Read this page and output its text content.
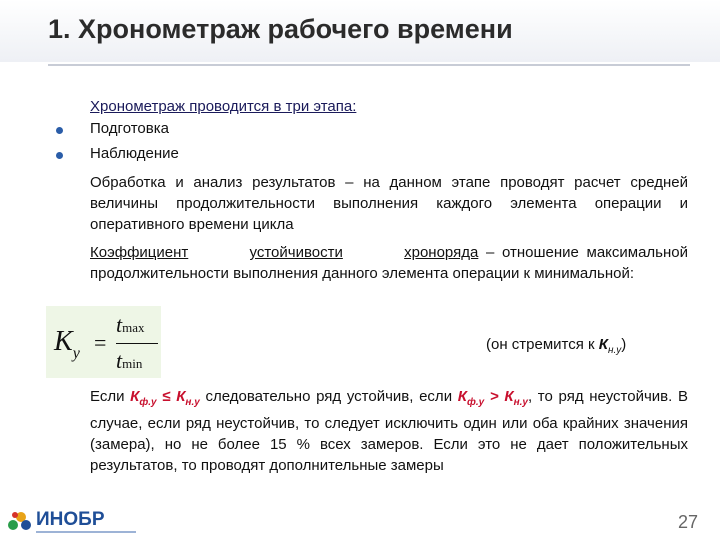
1. Хронометраж рабочего времени
Хронометраж проводится в три этапа:
Подготовка
Наблюдение
Обработка и анализ результатов – на данном этапе проводят расчет средней величины продолжительности выполнения каждого элемента операции и оперативного времени цикла
Коэффициент	устойчивости	хроноряда – отношение максимальной продолжительности выполнения данного элемента операции к минимальной:
$K_у$ =
tmax
tmin
(он стремится к $К_{н.у}$)
Если $К_{ф.у} \le К_{н.у}$ следовательно ряд устойчив, если $К_{ф.у} > К_{н.у}$, то ряд неустойчив. В случае, если ряд неустойчив, то следует исключить один или оба крайних значения (замера), но не более 15 % всех замеров. Если это не дает положительных результатов, то проводят дополнительные замеры
ИНОБР	27
